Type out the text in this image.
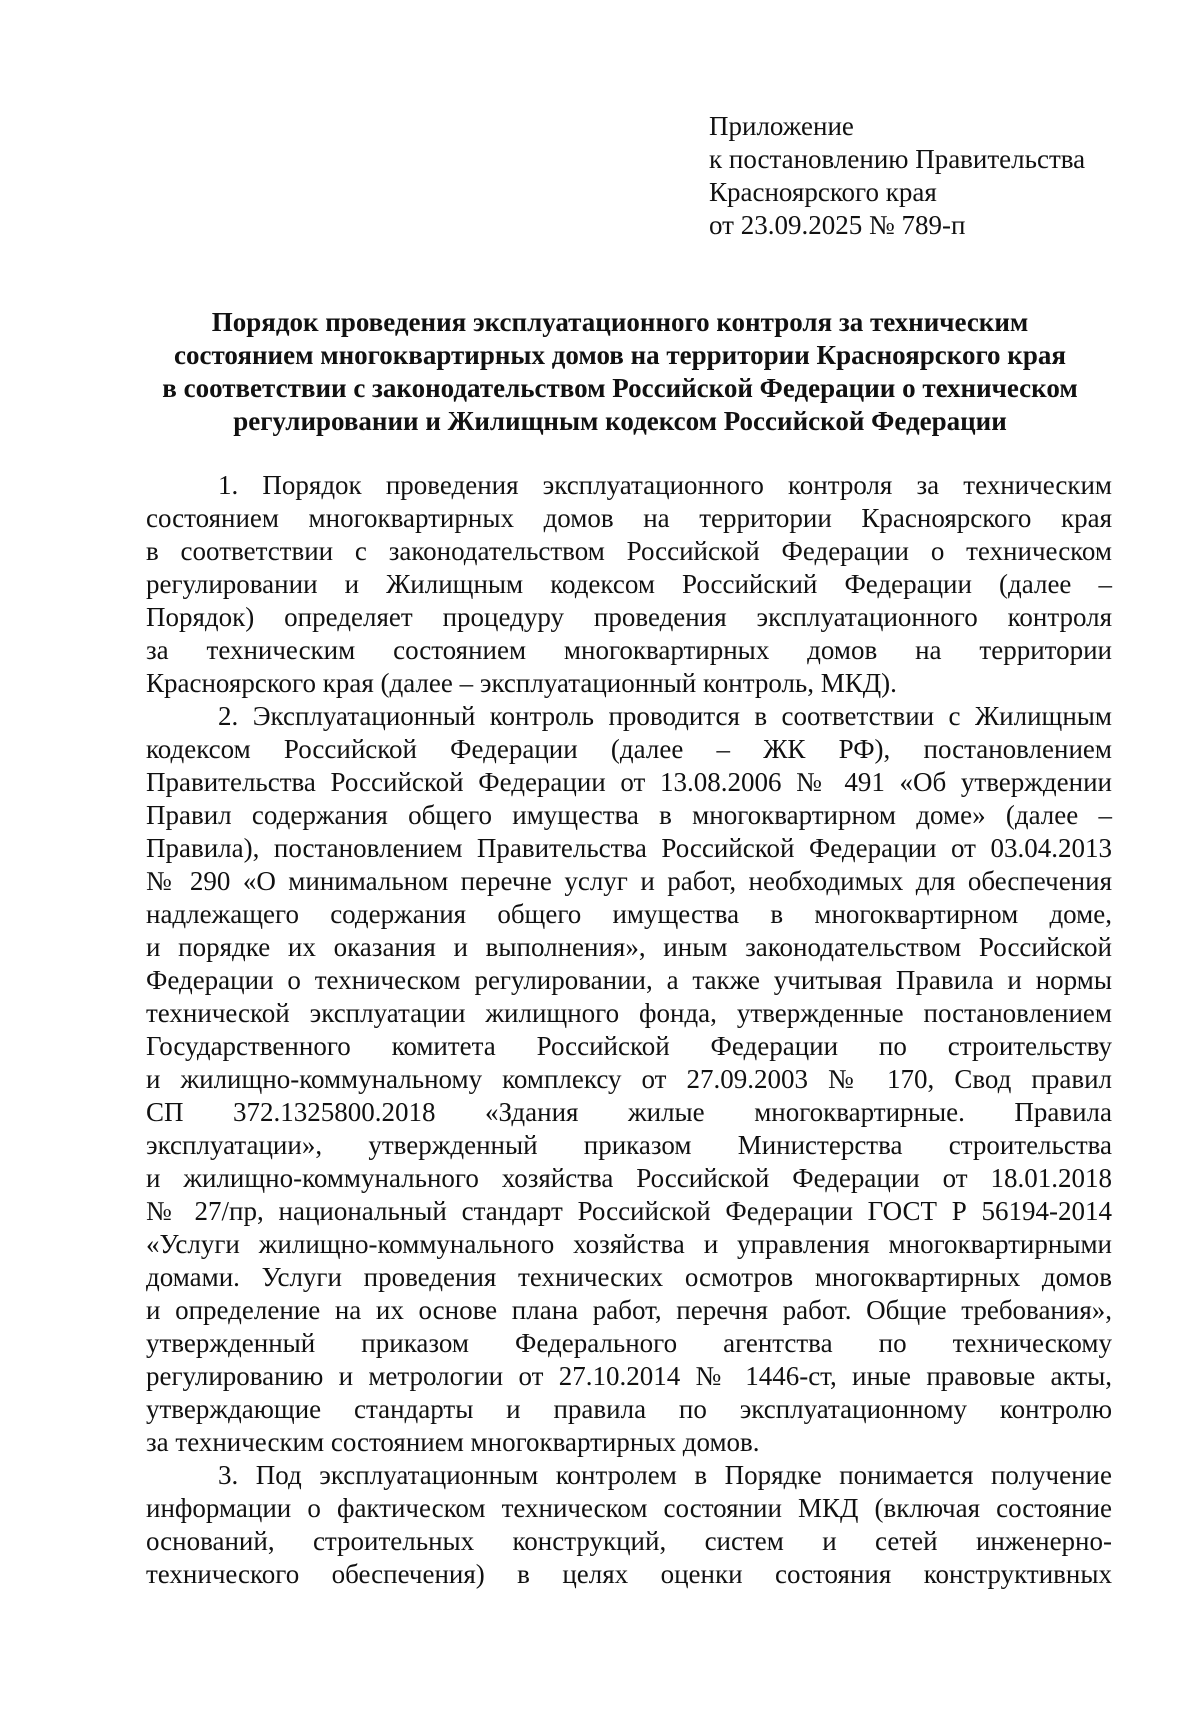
Приложение
к постановлению Правительства
Красноярского края
от 23.09.2025 № 789-п
Порядок проведения эксплуатационного контроля за техническим
состоянием многоквартирных домов на территории Красноярского края
в соответствии с законодательством Российской Федерации о техническом
регулировании и Жилищным кодексом Российской Федерации
1. Порядок проведения эксплуатационного контроля за техническим
состоянием многоквартирных домов на территории Красноярского края
в соответствии с законодательством Российской Федерации о техническом
регулировании и Жилищным кодексом Российский Федерации (далее –
Порядок) определяет процедуру проведения эксплуатационного контроля
за техническим состоянием многоквартирных домов на территории
Красноярского края (далее – эксплуатационный контроль, МКД).
2. Эксплуатационный контроль проводится в соответствии с Жилищным
кодексом Российской Федерации (далее – ЖК РФ), постановлением
Правительства Российской Федерации от 13.08.2006 № 491 «Об утверждении
Правил содержания общего имущества в многоквартирном доме» (далее –
Правила), постановлением Правительства Российской Федерации от 03.04.2013
№ 290 «О минимальном перечне услуг и работ, необходимых для обеспечения
надлежащего содержания общего имущества в многоквартирном доме,
и порядке их оказания и выполнения», иным законодательством Российской
Федерации о техническом регулировании, а также учитывая Правила и нормы
технической эксплуатации жилищного фонда, утвержденные постановлением
Государственного комитета Российской Федерации по строительству
и жилищно-коммунальному комплексу от 27.09.2003 № 170, Свод правил
СП 372.1325800.2018 «Здания жилые многоквартирные. Правила
эксплуатации», утвержденный приказом Министерства строительства
и жилищно-коммунального хозяйства Российской Федерации от 18.01.2018
№ 27/пр, национальный стандарт Российской Федерации ГОСТ Р 56194-2014
«Услуги жилищно-коммунального хозяйства и управления многоквартирными
домами. Услуги проведения технических осмотров многоквартирных домов
и определение на их основе плана работ, перечня работ. Общие требования»,
утвержденный приказом Федерального агентства по техническому
регулированию и метрологии от 27.10.2014 № 1446-ст, иные правовые акты,
утверждающие стандарты и правила по эксплуатационному контролю
за техническим состоянием многоквартирных домов.
3. Под эксплуатационным контролем в Порядке понимается получение
информации о фактическом техническом состоянии МКД (включая состояние
оснований, строительных конструкций, систем и сетей инженерно-
технического обеспечения) в целях оценки состояния конструктивных
